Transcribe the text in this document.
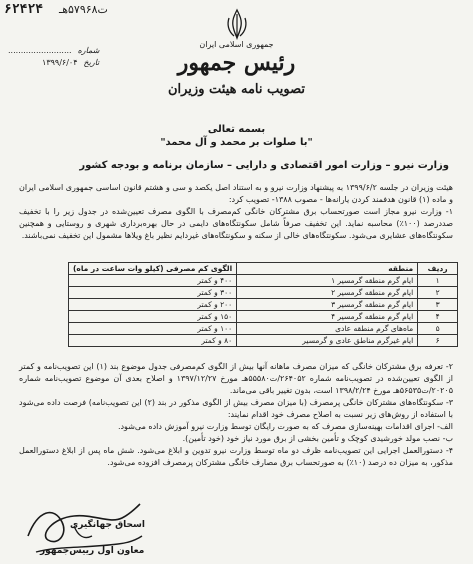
۶۲۴۲۴ ت۵۷۹۶۸هـ
جمهوری اسلامی ایران
رئیس جمهور
تصویب نامه هیئت وزیران
شماره
.........................
تاریخ
۱۳۹۹/۶/۰۴
بسمه تعالی
"با صلوات بر محمد و آل محمد"
وزارت نیرو – وزارت امور اقتصادی و دارایی – سازمان برنامه و بودجه کشور
هیئت وزیران در جلسه ۱۳۹۹/۶/۲ به پیشنهاد وزارت نیرو و به استناد اصل یکصد و سی و هشتم قانون اساسی جمهوری اسلامی ایران و ماده (۱) قانون هدفمند کردن یارانه‌ها - مصوب ۱۳۸۸- تصویب کرد:
۱- وزارت نیرو مجاز است صورتحساب برق مشترکان خانگی کم‌مصرف با الگوی مصرف تعیین‌شده در جدول زیر را با تخفیف صددرصد (۱۰۰٪) محاسبه نماید. این تخفیف صرفاً شامل سکونتگاه‌های دایمی در حال بهره‌برداری شهری و روستایی و همچنین سکونتگاه‌های عشایری می‌شود. سکونتگاه‌های خالی از سکنه و سکونتگاه‌های غیردایم نظیر باغ ویلاها مشمول این تخفیف نمی‌باشند.
ردیف	منطقه	الگوی کم مصرفی (کیلو وات ساعت در ماه)
۱	ایام گرم منطقه گرمسیر ۱	۴۰۰ و کمتر
۲	ایام گرم منطقه گرمسیر ۲	۳۰۰ و کمتر
۳	ایام گرم منطقه گرمسیر ۳	۲۰۰ و کمتر
۴	ایام گرم منطقه گرمسیر ۴	۱۵۰ و کمتر
۵	ماه‌های گرم منطقه عادی	۱۰۰ و کمتر
۶	ایام غیرگرم مناطق عادی و گرمسیر	۸۰ و کمتر
۲- تعرفه برق مشترکان خانگی که میزان مصرف ماهانه آنها بیش از الگوی کم‌مصرفی جدول موضوع بند (۱) این تصویب‌نامه و کمتر از الگوی تعیین‌شده در تصویب‌نامه شماره ۲۶۴۰۵۲/ت۵۵۵۸۰هـ مورخ ۱۳۹۷/۱۲/۲۷ و اصلاح بعدی آن موضوع تصویب‌نامه شماره ۲۰۲۰۵/ت۵۶۵۳۵هـ مورخ ۱۳۹۸/۲/۲۴ است، بدون تغییر باقی می‌ماند.
۳- سکونتگاه‌های مشترکان خانگی پرمصرف (با میزان مصرف بیش از الگوی مذکور در بند (۲) این تصویب‌نامه) فرصت داده می‌شود با استفاده از روش‌های زیر نسبت به اصلاح مصرف خود اقدام نمایند:
الف- اجرای اقدامات بهینه‌سازی مصرف که به صورت رایگان توسط وزارت نیرو آموزش داده می‌شود.
ب- نصب مولد خورشیدی کوچک و تأمین بخشی از برق مورد نیاز خود (خود تأمین).
۴- دستورالعمل اجرایی این تصویب‌نامه ظرف دو ماه توسط وزارت نیرو تدوین و ابلاغ می‌شود. شش ماه پس از ابلاغ دستورالعمل مذکور، به میزان ده درصد (۱۰٪) به صورتحساب برق مصارف خانگی مشترکان پرمصرف افزوده می‌شود.
اسحاق جهانگیری
معاون اول رییس‌جمهور
